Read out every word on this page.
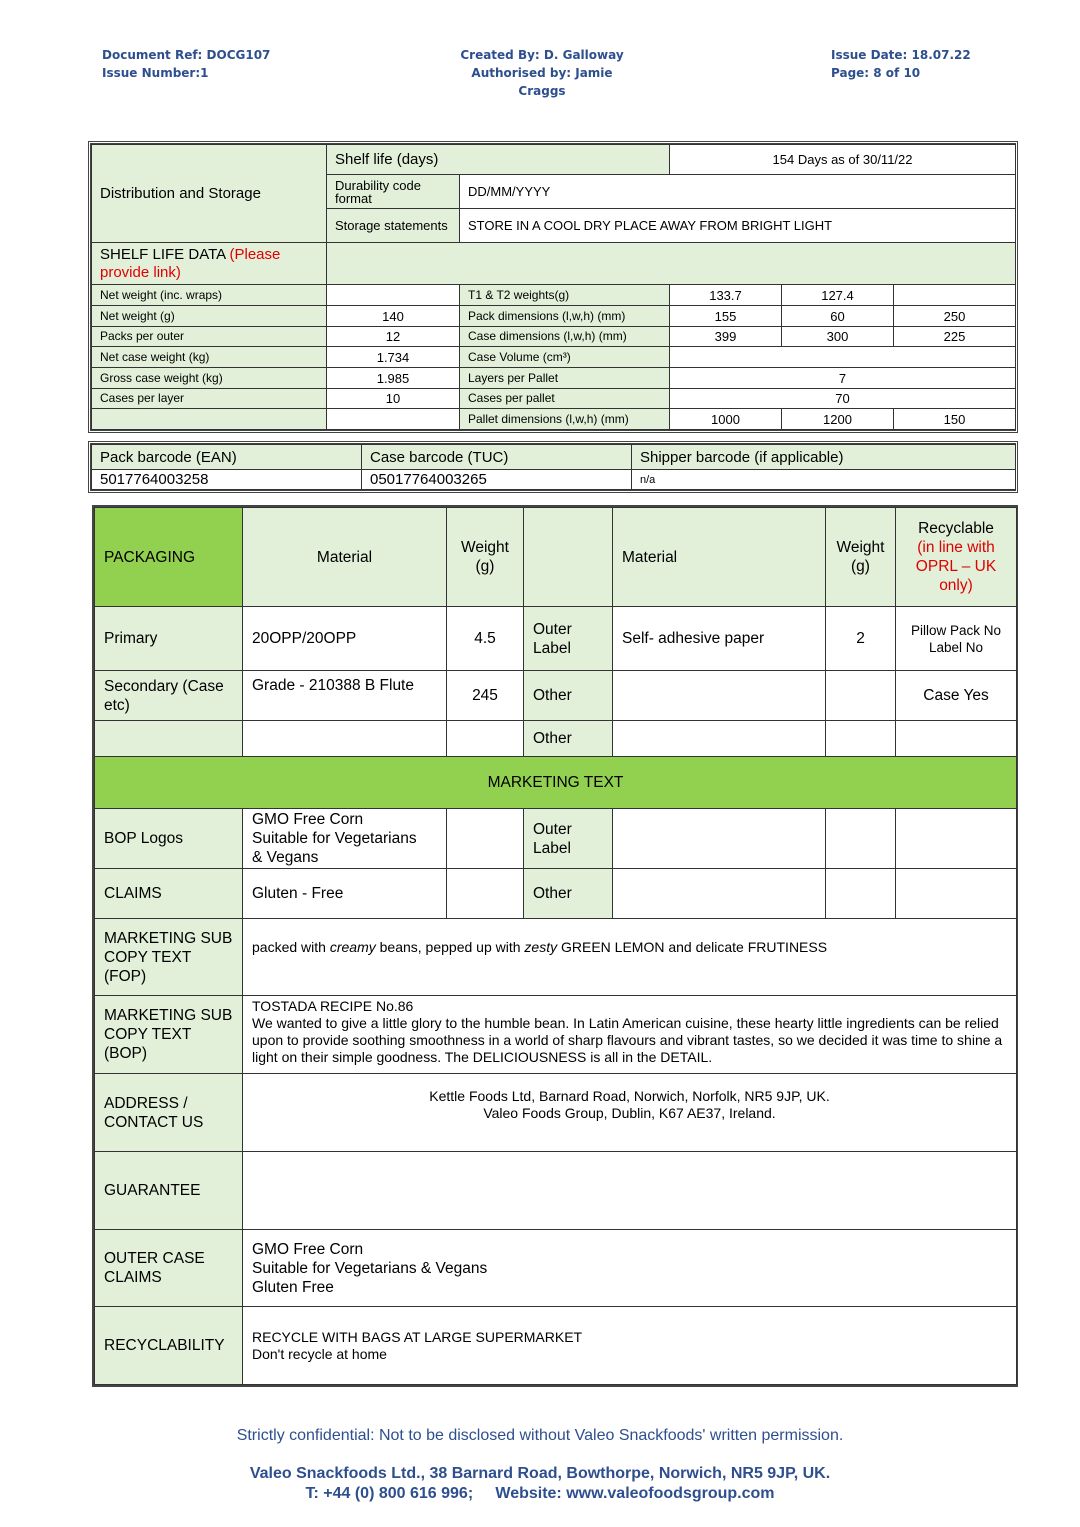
Document Ref: DOCG107
Issue Number:1
Created By: D. Galloway
Authorised by: Jamie Craggs
Issue Date: 18.07.22
Page: 8 of 10
Distribution and Storage	Shelf life (days)		154 Days as of 30/11/22		
	Durability code format	DD/MM/YYYY			
	Storage statements	STORE IN A COOL DRY PLACE AWAY FROM BRIGHT LIGHT			
SHELF LIFE DATA (Please provide link)					
Net weight (inc. wraps)		T1 & T2 weights(g)	133.7	127.4	
Net weight (g)	140	Pack dimensions (l,w,h) (mm)	155	60	250
Packs per outer	12	Case dimensions (l,w,h) (mm)	399	300	225
Net case weight (kg)	1.734	Case Volume (cm³)			
Gross case weight (kg)	1.985	Layers per Pallet	7		
Cases per layer	10	Cases per pallet	70		
		Pallet dimensions (l,w,h) (mm)	1000	1200	150
Pack barcode (EAN)	Case barcode (TUC)	Shipper barcode (if applicable)
5017764003258	05017764003265	n/a
PACKAGING	Material	Weight (g)		Material	Weight (g)	Recyclable
(in line with OPRL – UK only)

Primary	20OPP/20OPP	4.5	Outer Label	Self- adhesive paper	2	Pillow Pack No
Label No

Secondary (Case etc)	Grade - 210388 B Flute	245	Other			Case Yes
			Other			
MARKETING TEXT						
BOP Logos	GMO Free Corn
Suitable for Vegetarians
& Vegans		Outer Label			
CLAIMS	Gluten - Free		Other			
MARKETING SUB COPY TEXT (FOP)	packed with creamy beans, pepped up with zesty GREEN LEMON and delicate FRUTINESS					
MARKETING SUB COPY TEXT (BOP)	TOSTADA RECIPE No.86
We wanted to give a little glory to the humble bean. In Latin American cuisine, these hearty little ingredients can be relied upon to provide soothing smoothness in a world of sharp flavours and vibrant tastes, so we decided it was time to shine a light on their simple goodness. The DELICIOUSNESS is all in the DETAIL.					

ADDRESS / CONTACT US	Kettle Foods Ltd, Barnard Road, Norwich, Norfolk, NR5 9JP, UK.
Valeo Foods Group, Dublin, K67 AE37, Ireland.					

GUARANTEE						
OUTER CASE CLAIMS	GMO Free Corn
Suitable for Vegetarians & Vegans
Gluten Free					

RECYCLABILITY	RECYCLE WITH BAGS AT LARGE SUPERMARKET
Don't recycle at home					
Strictly confidential: Not to be disclosed without Valeo Snackfoods' written permission.
Valeo Snackfoods Ltd., 38 Barnard Road, Bowthorpe, Norwich, NR5 9JP, UK.
T: +44 (0) 800 616 996;     Website: www.valeofoodsgroup.com
